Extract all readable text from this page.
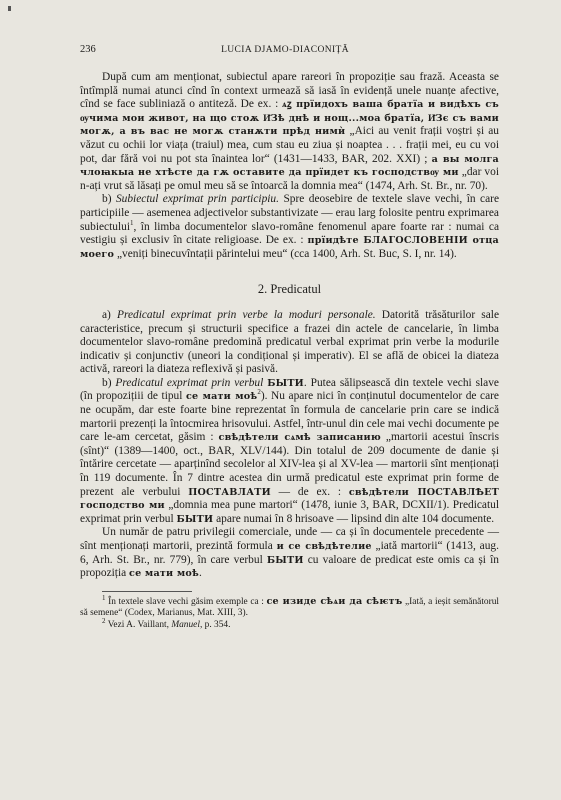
236	LUCIA DJAMO-DIACONIȚĂ

După cum am menționat, subiectul apare rareori în propoziție sau frază. Aceasta se întîmplă numai atunci cînd în context urmează să iasă în evidență unele nuanțe afective, cînd se face subliniază o antiteză. De ex. : ѧꙁ прїидохъ ваша братїа и видѣхъ съ ѹчима мои живот, на що стоѫ И҃Зѣ днѣ и нощ...моа братїа, И҃Зє съ вами могѫ, а въ вас не могѫ станѫти прѣд нимѝ „Aici au venit frații voștri și au văzut cu ochii lor viața (traiul) mea, cum stau eu ziua și noaptea . . . frații mei, eu cu voi pot, dar fără voi nu pot sta înaintea lor“ (1431—1433, BAR, 202. XXI) ; а вы молга члоꙗкыа не хтѣсте да гѫ оставите да прїидет къ господствѹ ми „dar voi n-ați vrut să lăsați pe omul meu să se întoarcă la domnia mea“ (1474, Arh. St. Br., nr. 70).

b) Subiectul exprimat prin participiu. Spre deosebire de textele slave vechi, în care participiile — asemenea adjectivelor substantivizate — erau larg folosite pentru exprimarea subiectului$^1$, în limba documentelor slavo-române fenomenul apare foarte rar : numai ca vestigiu și exclusiv în citate religioase. De ex. : прїидѣте БЛАГОСЛОВЕНІИ отца моего „veniți binecuvîntații părintelui meu“ (cca 1400, Arh. St. Buc, S. I, nr. 14).

2. Predicatul

a) Predicatul exprimat prin verbe la moduri personale. Datorită trăsăturilor sale caracteristice, precum și structurii specifice a frazei din actele de cancelarie, în limba documentelor slavo-române predomină predicatul verbal exprimat prin verbe la modurile indicativ și conjunctiv (uneori la condițional și imperativ). El se află de obicei la diateza activă, rareori la diateza reflexivă și pasivă.

b) Predicatul exprimat prin verbul БЫТИ. Putea sălipsească din textele vechi slave (în propozițiii de tipul се мати моѣ$^2$). Nu apare nici în conținutul documentelor de care ne ocupăm, dar este foarte bine reprezentat în formula de cancelarie prin care se indică martorii prezenți la întocmirea hrisovului. Astfel, într-unul din cele mai vechi documente pe care le-am cercetat, găsim : свѣдѣтели сѧмѣ записанию „martorii acestui înscris (sînt)“ (1389—1400, oct., BAR, XLV/144). Din totalul de 209 documente de danie și întărire cercetate — aparținînd secolelor al XIV-lea și al XV-lea — martorii sînt menționați în 119 documente. În 7 dintre acestea din urmă predicatul este exprimat prin forme de prezent ale verbului ПОСТАВЛАТИ — de ex. : свѣдѣтели ПОСТАВЛѢЕТ господство ми „domnia mea pune martori“ (1478, iunie 3, BAR, DCXII/1). Predicatul exprimat prin verbul БЫТИ apare numai în 8 hrisoave — lipsind din alte 104 documente.

Un număr de patru privilegii comerciale, unde — ca și în documentele precedente — sînt menționați martorii, prezintă formula и се свѣдѣтелие „iată martorii“ (1413, aug. 6, Arh. St. Br., nr. 779), în care verbul БЫТИ cu valoare de predicat este omis ca și în propoziția се мати моѣ.

$^1$ În textele slave vechi găsim exemple ca : се изиде сѣѧи да сѣѥтъ „Iată, a ieșit semănătorul să semene“ (Codex, Marianus, Mat. XIII, 3).

$^2$ Vezi A. Vaillant, Manuel, p. 354.
